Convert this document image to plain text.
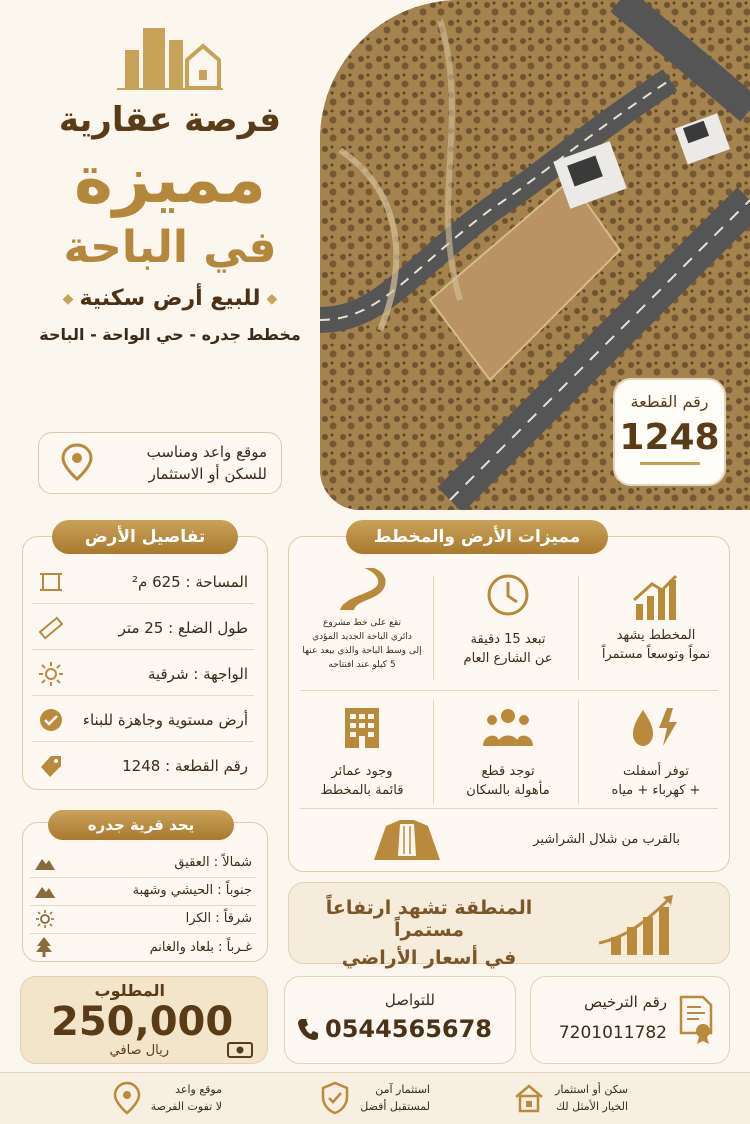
فرصة عقارية
مميزة
في الباحة
◆للبيع أرض سكنية◆
مخطط جدره - حي الواحة - الباحة
موقع واعد ومناسب
للسكن أو الاستثمار
رقم القطعة
1248
تفاصيل الأرض
المساحة : 625 م²
طول الضلع : 25 متر
الواجهة : شرقية
أرض مستوية وجاهزة للبناء
رقم القطعة : 1248
مميزات الأرض والمخطط
المخطط يشهد
نمواً وتوسعاً مستمراً
تبعد 15 دقيقة
عن الشارع العام
تقع على خط مشروع
دائري الباحة الجديد المؤدي
إلى وسط الباحة والذي يبعد عنها
5 كيلو عند افتتاحه
توفر أسفلت
+ كهرباء + مياه
توجد قطع
مأهولة بالسكان
وجود عمائر
قائمة بالمخطط
بالقرب من شلال الشراشير
يحد قرية جدره
شمالاً : العقيق
جنوباً : الحيشي وشهبة
شرقاً : الكرا
غـرباً : بلعاد والغانم
المنطقة تشهد ارتفاعاً مستمراً
في أسعار الأراضي
المطلوب
250,000
ريال صافي
للتواصل
0544565678
رقم الترخيص
7201011782
سكن أو استثمار
الخيار الأمثل لك
استثمار آمن
لمستقبل أفضل
موقع واعد
لا تفوت الفرصة
